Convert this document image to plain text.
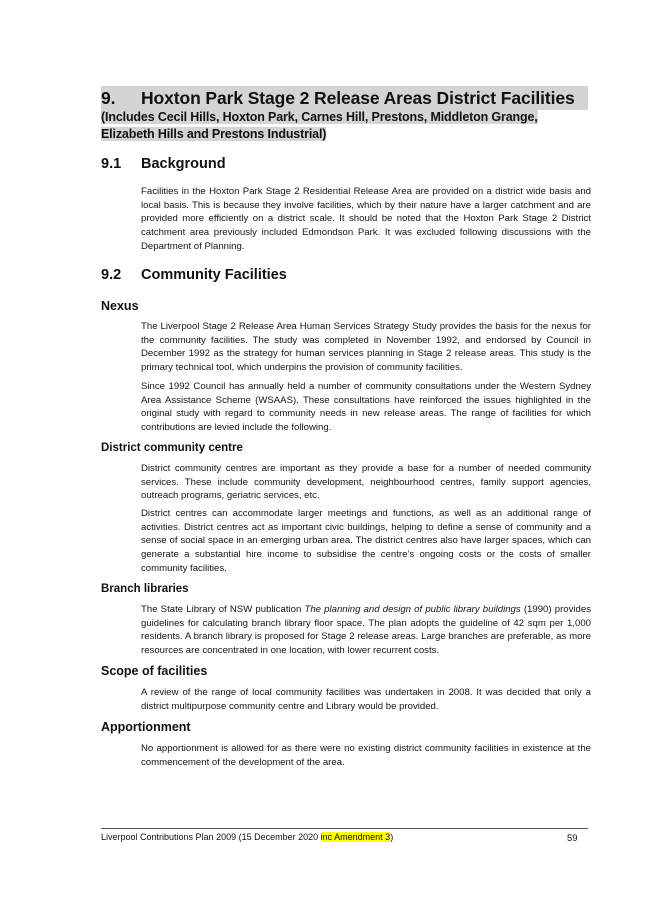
9. Hoxton Park Stage 2 Release Areas District Facilities
(Includes Cecil Hills, Hoxton Park, Carnes Hill, Prestons, Middleton Grange, Elizabeth Hills and Prestons Industrial)
9.1 Background
Facilities in the Hoxton Park Stage 2 Residential Release Area are provided on a district wide basis and local basis. This is because they involve facilities, which by their nature have a larger catchment and are provided more efficiently on a district scale. It should be noted that the Hoxton Park Stage 2 District catchment area previously included Edmondson Park. It was excluded following discussions with the Department of Planning.
9.2 Community Facilities
Nexus
The Liverpool Stage 2 Release Area Human Services Strategy Study provides the basis for the nexus for the community facilities. The study was completed in November 1992, and endorsed by Council in December 1992 as the strategy for human services planning in Stage 2 release areas. This study is the primary technical tool, which underpins the provision of community facilities.
Since 1992 Council has annually held a number of community consultations under the Western Sydney Area Assistance Scheme (WSAAS). These consultations have reinforced the issues highlighted in the original study with regard to community needs in new release areas. The range of facilities for which contributions are levied include the following.
District community centre
District community centres are important as they provide a base for a number of needed community services. These include community development, neighbourhood centres, family support agencies, outreach programs, geriatric services, etc.
District centres can accommodate larger meetings and functions, as well as an additional range of activities. District centres act as important civic buildings, helping to define a sense of community and a sense of social space in an emerging urban area. The district centres also have larger spaces, which can generate a substantial hire income to subsidise the centre’s ongoing costs or the costs of smaller community facilities.
Branch libraries
The State Library of NSW publication The planning and design of public library buildings (1990) provides guidelines for calculating branch library floor space. The plan adopts the guideline of 42 sqm per 1,000 residents. A branch library is proposed for Stage 2 release areas. Large branches are preferable, as more resources are concentrated in one location, with lower recurrent costs.
Scope of facilities
A review of the range of local community facilities was undertaken in 2008. It was decided that only a district multipurpose community centre and Library would be provided.
Apportionment
No apportionment is allowed for as there were no existing district community facilities in existence at the commencement of the development of the area.
Liverpool Contributions Plan 2009 (15 December 2020 inc Amendment 3)	59
